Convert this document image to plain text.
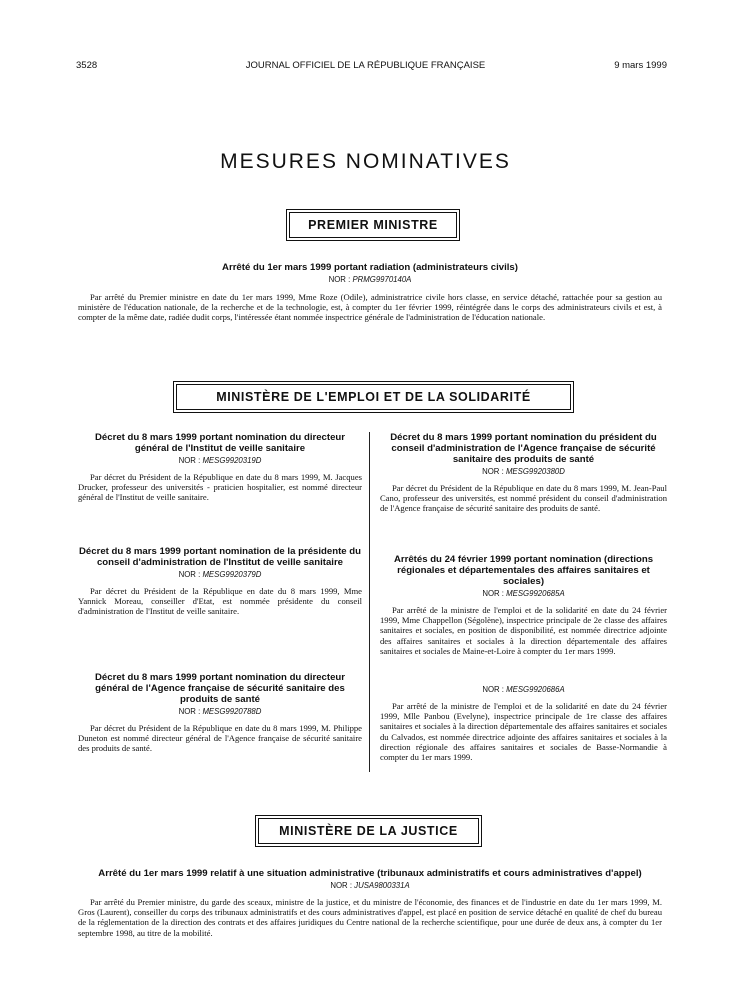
3528	JOURNAL OFFICIEL DE LA RÉPUBLIQUE FRANÇAISE	9 mars 1999
MESURES NOMINATIVES
PREMIER MINISTRE
Arrêté du 1er mars 1999 portant radiation (administrateurs civils)
NOR : PRMG9970140A
Par arrêté du Premier ministre en date du 1er mars 1999, Mme Roze (Odile), administratrice civile hors classe, en service détaché, rattachée pour sa gestion au ministère de l'éducation nationale, de la recherche et de la technologie, est, à compter du 1er février 1999, réintégrée dans le corps des administrateurs civils et est, à compter de la même date, radiée dudit corps, l'intéressée étant nommée inspectrice générale de l'administration de l'éducation nationale.
MINISTÈRE DE L'EMPLOI ET DE LA SOLIDARITÉ
Décret du 8 mars 1999 portant nomination du directeur général de l'Institut de veille sanitaire
NOR : MESG9920319D
Par décret du Président de la République en date du 8 mars 1999, M. Jacques Drucker, professeur des universités - praticien hospitalier, est nommé directeur général de l'Institut de veille sanitaire.
Décret du 8 mars 1999 portant nomination de la présidente du conseil d'administration de l'Institut de veille sanitaire
NOR : MESG9920379D
Par décret du Président de la République en date du 8 mars 1999, Mme Yannick Moreau, conseiller d'Etat, est nommée présidente du conseil d'administration de l'Institut de veille sanitaire.
Décret du 8 mars 1999 portant nomination du directeur général de l'Agence française de sécurité sanitaire des produits de santé
NOR : MESG9920788D
Par décret du Président de la République en date du 8 mars 1999, M. Philippe Duneton est nommé directeur général de l'Agence française de sécurité sanitaire des produits de santé.
Décret du 8 mars 1999 portant nomination du président du conseil d'administration de l'Agence française de sécurité sanitaire des produits de santé
NOR : MESG9920380D
Par décret du Président de la République en date du 8 mars 1999, M. Jean-Paul Cano, professeur des universités, est nommé président du conseil d'administration de l'Agence française de sécurité sanitaire des produits de santé.
Arrêtés du 24 février 1999 portant nomination (directions régionales et départementales des affaires sanitaires et sociales)
NOR : MESG9920685A
Par arrêté de la ministre de l'emploi et de la solidarité en date du 24 février 1999, Mme Chappellon (Ségolène), inspectrice principale de 2e classe des affaires sanitaires et sociales, en position de disponibilité, est nommée directrice adjointe des affaires sanitaires et sociales à la direction départementale des affaires sanitaires et sociales de Maine-et-Loire à compter du 1er mars 1999.
NOR : MESG9920686A
Par arrêté de la ministre de l'emploi et de la solidarité en date du 24 février 1999, Mlle Panbou (Evelyne), inspectrice principale de 1re classe des affaires sanitaires et sociales à la direction départementale des affaires sanitaires et sociales du Calvados, est nommée directrice adjointe des affaires sanitaires et sociales à la direction régionale des affaires sanitaires et sociales de Basse-Normandie à compter du 1er mars 1999.
MINISTÈRE DE LA JUSTICE
Arrêté du 1er mars 1999 relatif à une situation administrative (tribunaux administratifs et cours administratives d'appel)
NOR : JUSA9800331A
Par arrêté du Premier ministre, du garde des sceaux, ministre de la justice, et du ministre de l'économie, des finances et de l'industrie en date du 1er mars 1999, M. Gros (Laurent), conseiller du corps des tribunaux administratifs et des cours administratives d'appel, est placé en position de service détaché en qualité de chef du bureau de la réglementation de la direction des contrats et des affaires juridiques du Centre national de la recherche scientifique, pour une durée de deux ans, à compter du 1er septembre 1998, au titre de la mobilité.
